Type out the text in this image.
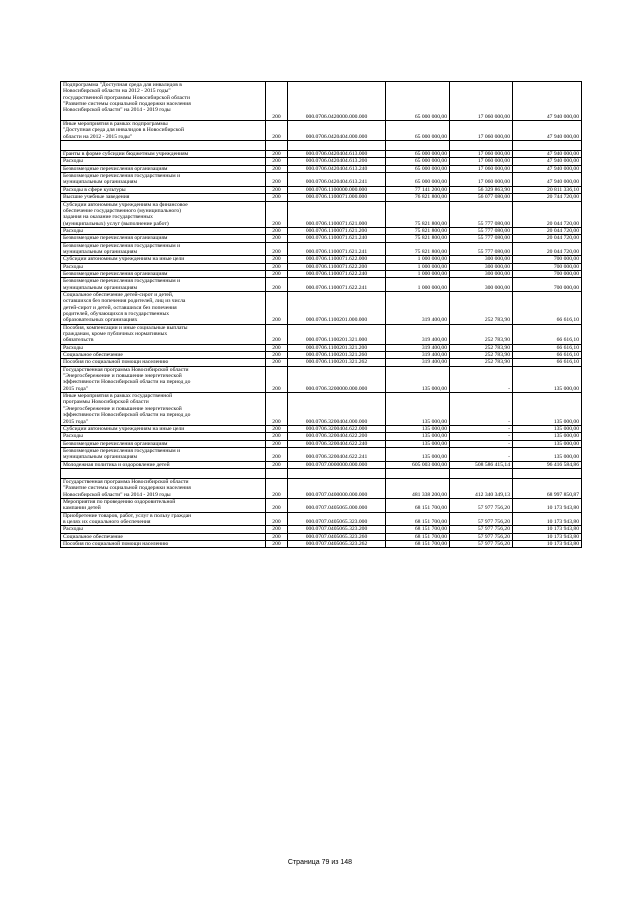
Подпрограмма "Доступная среда для инвалидов в
Новосибирской области на 2012 - 2015 годы"
государственной программы Новосибирской области
"Развитие системы социальной поддержки населения
Новосибирской области" на 2014 - 2019 годы	200	000.0706.0420000.000.000	65 000 000,00	17 060 000,00	47 940 000,00

Иные мероприятия в рамках подпрограммы
"Доступная среда для инвалидов в Новосибирской
области на 2012 - 2015 годы"	200	000.0706.0420404.000.000	65 000 000,00	17 060 000,00	47 940 000,00

Гранты в форме субсидии бюджетным учреждениям	200	000.0706.0420404.613.000	65 000 000,00	17 060 000,00	47 940 000,00

Расходы	200	000.0706.0420404.613.200	65 000 000,00	17 060 000,00	47 940 000,00

Безвозмездные перечисления организациям	200	000.0706.0420404.613.240	65 000 000,00	17 060 000,00	47 940 000,00

Безвозмездные перечисления государственным и
муниципальным организациям	200	000.0706.0420404.613.241	65 000 000,00	17 060 000,00	47 940 000,00

Расходы в сфере культуры	200	000.0706.1100000.000.000	77 141 200,00	56 329 863,90	20 811 336,10

Высшие учебные заведения	200	000.0706.1100071.000.000	76 821 800,00	56 077 080,00	20 744 720,00

Субсидии автономным учреждениям на финансовое
обеспечение государственного (муниципального)
задания на оказание государственных
(муниципальных) услуг (выполнение работ)	200	000.0706.1100071.621.000	75 821 800,00	55 777 080,00	20 044 720,00

Расходы	200	000.0706.1100071.621.200	75 821 800,00	55 777 080,00	20 044 720,00

Безвозмездные перечисления организациям	200	000.0706.1100071.621.240	75 821 800,00	55 777 080,00	20 044 720,00

Безвозмездные перечисления государственным и
муниципальным организациям	200	000.0706.1100071.621.241	75 821 800,00	55 777 080,00	20 044 720,00

Субсидии автономным учреждениям на иные цели	200	000.0706.1100071.622.000	1 000 000,00	300 000,00	700 000,00

Расходы	200	000.0706.1100071.622.200	1 000 000,00	300 000,00	700 000,00

Безвозмездные перечисления организациям	200	000.0706.1100071.622.240	1 000 000,00	300 000,00	700 000,00

Безвозмездные перечисления государственным и
муниципальным организациям	200	000.0706.1100071.622.241	1 000 000,00	300 000,00	700 000,00

Социальное обеспечение детей-сирот и детей,
оставшихся без попечения родителей, лиц из числа
детей-сирот и детей, оставшихся без попечения
родителей, обучающихся в государственных
образовательных организациях	200	000.0706.1100201.000.000	319 400,00	252 783,90	66 616,10

Пособия, компенсации и иные социальные выплаты
гражданам, кроме публичных нормативных
обязательств	200	000.0706.1100201.321.000	319 400,00	252 783,90	66 616,10

Расходы	200	000.0706.1100201.321.200	319 400,00	252 783,90	66 616,10

Социальное обеспечение	200	000.0706.1100201.321.260	319 400,00	252 783,90	66 616,10

Пособия по социальной помощи населению	200	000.0706.1100201.321.262	319 400,00	252 783,90	66 616,10

Государственная программа Новосибирской области
"Энергосбережение и повышение энергетической
эффективности Новосибирской области на период до
2015 года"	200	000.0706.3200000.000.000	135 000,00	-	135 000,00

Иные мероприятия в рамках государственной
программы Новосибирской области
"Энергосбережение и повышение энергетической
эффективности Новосибирской области на период до
2015 года"	200	000.0706.3200404.000.000	135 000,00	-	135 000,00

Субсидии автономным учреждениям на иные цели	200	000.0706.3200404.622.000	135 000,00	-	135 000,00

Расходы	200	000.0706.3200404.622.200	135 000,00	-	135 000,00

Безвозмездные перечисления организациям	200	000.0706.3200404.622.240	135 000,00	-	135 000,00

Безвозмездные перечисления государственным и
муниципальным организациям	200	000.0706.3200404.622.241	135 000,00	-	135 000,00

Молодежная политика и оздоровление детей	200	000.0707.0000000.000.000	605 003 000,00	508 586 415,14	96 416 584,86

Государственная программа Новосибирской области
"Развитие системы социальной поддержки населения
Новосибирской области" на 2014 - 2019 годы	200	000.0707.0400000.000.000	481 338 200,00	412 340 349,13	68 997 850,87

Мероприятия по проведению оздоровительной
кампании детей	200	000.0707.0405065.000.000	68 151 700,00	57 977 756,20	10 173 943,80

Приобретение товаров, работ, услуг в пользу граждан
в целях их социального обеспечения	200	000.0707.0405065.323.000	68 151 700,00	57 977 756,20	10 173 943,80

Расходы	200	000.0707.0405065.323.200	68 151 700,00	57 977 756,20	10 173 943,80

Социальное обеспечение	200	000.0707.0405065.323.260	68 151 700,00	57 977 756,20	10 173 943,80

Пособия по социальной помощи населению	200	000.0707.0405065.323.262	68 151 700,00	57 977 756,20	10 173 943,80
Страница 79 из 148
